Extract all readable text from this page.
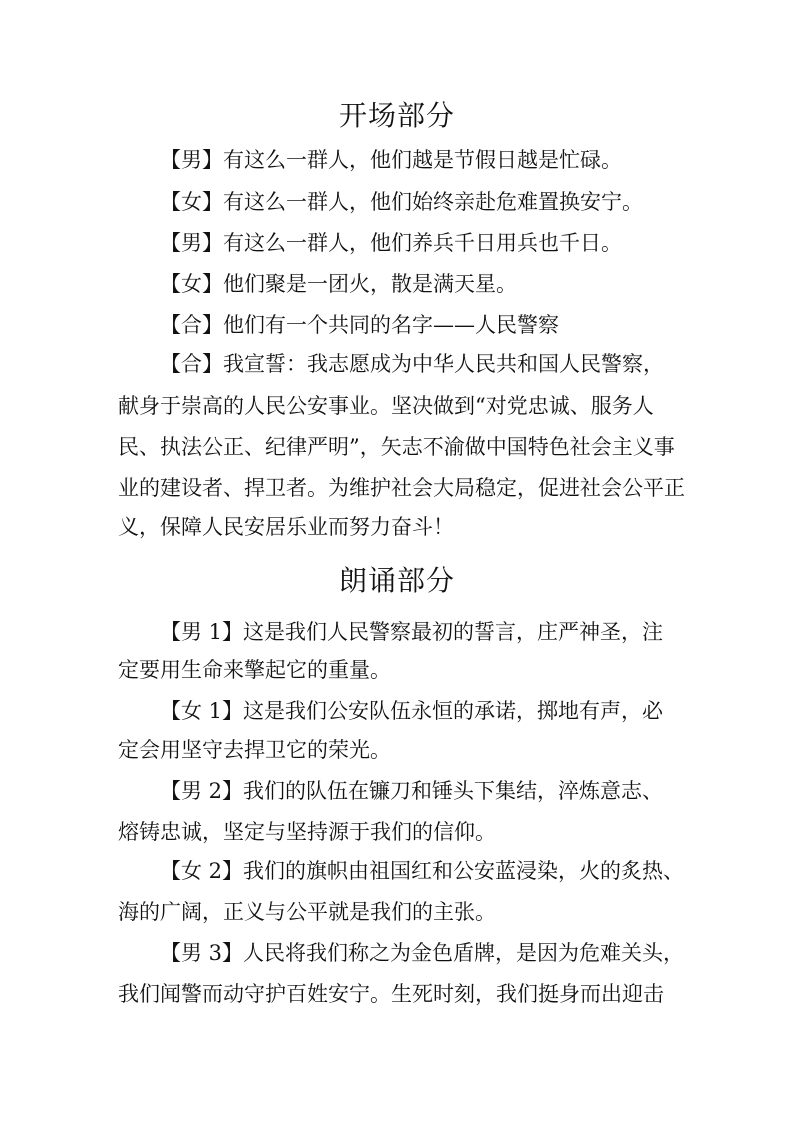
开场部分
【男】有这么一群人，他们越是节假日越是忙碌。
【女】有这么一群人，他们始终亲赴危难置换安宁。
【男】有这么一群人，他们养兵千日用兵也千日。
【女】他们聚是一团火，散是满天星。
【合】他们有一个共同的名字——人民警察
【合】我宣誓：我志愿成为中华人民共和国人民警察，
献身于崇高的人民公安事业。坚决做到“对党忠诚、服务人
民、执法公正、纪律严明”，矢志不渝做中国特色社会主义事
业的建设者、捍卫者。为维护社会大局稳定，促进社会公平正
义，保障人民安居乐业而努力奋斗！
朗诵部分
【男 1】这是我们人民警察最初的誓言，庄严神圣，注
定要用生命来擎起它的重量。
【女 1】这是我们公安队伍永恒的承诺，掷地有声，必
定会用坚守去捍卫它的荣光。
【男 2】我们的队伍在镰刀和锤头下集结，淬炼意志、
熔铸忠诚，坚定与坚持源于我们的信仰。
【女 2】我们的旗帜由祖国红和公安蓝浸染，火的炙热、
海的广阔，正义与公平就是我们的主张。
【男 3】人民将我们称之为金色盾牌，是因为危难关头，
我们闻警而动守护百姓安宁。生死时刻，我们挺身而出迎击
